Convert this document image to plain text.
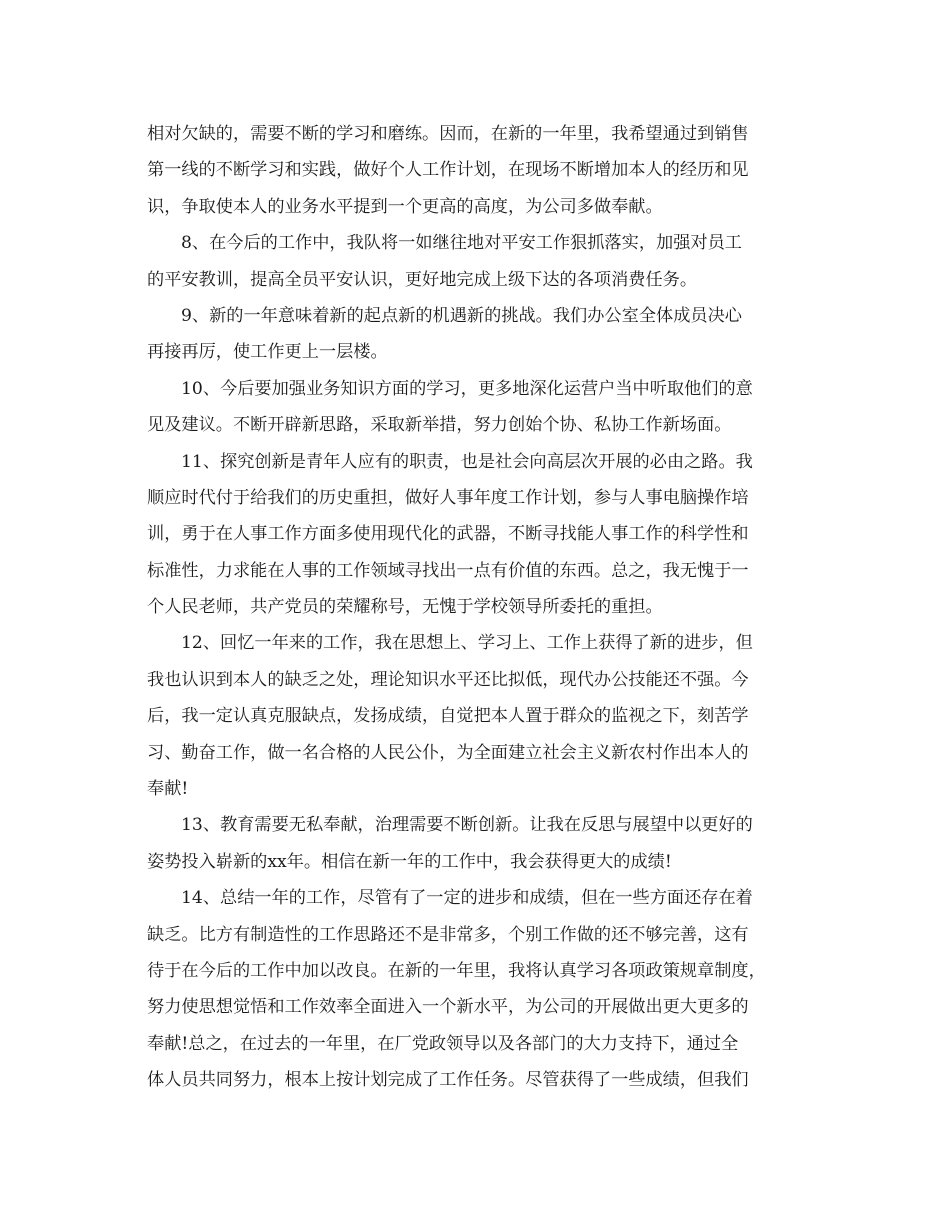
相对欠缺的，需要不断的学习和磨练。因而，在新的一年里，我希望通过到销售
第一线的不断学习和实践，做好个人工作计划，在现场不断增加本人的经历和见
识，争取使本人的业务水平提到一个更高的高度，为公司多做奉献。
8、在今后的工作中，我队将一如继往地对平安工作狠抓落实，加强对员工
的平安教训，提高全员平安认识，更好地完成上级下达的各项消费任务。
9、新的一年意味着新的起点新的机遇新的挑战。我们办公室全体成员决心
再接再厉，使工作更上一层楼。
10、今后要加强业务知识方面的学习，更多地深化运营户当中听取他们的意
见及建议。不断开辟新思路，采取新举措，努力创始个协、私协工作新场面。
11、探究创新是青年人应有的职责，也是社会向高层次开展的必由之路。我
顺应时代付于给我们的历史重担，做好人事年度工作计划，参与人事电脑操作培
训，勇于在人事工作方面多使用现代化的武器，不断寻找能人事工作的科学性和
标准性，力求能在人事的工作领域寻找出一点有价值的东西。总之，我无愧于一
个人民老师，共产党员的荣耀称号，无愧于学校领导所委托的重担。
12、回忆一年来的工作，我在思想上、学习上、工作上获得了新的进步，但
我也认识到本人的缺乏之处，理论知识水平还比拟低，现代办公技能还不强。今
后，我一定认真克服缺点，发扬成绩，自觉把本人置于群众的监视之下，刻苦学
习、勤奋工作，做一名合格的人民公仆，为全面建立社会主义新农村作出本人的
奉献!
13、教育需要无私奉献，治理需要不断创新。让我在反思与展望中以更好的
姿势投入崭新的xx年。相信在新一年的工作中，我会获得更大的成绩!
14、总结一年的工作，尽管有了一定的进步和成绩，但在一些方面还存在着
缺乏。比方有制造性的工作思路还不是非常多，个别工作做的还不够完善，这有
待于在今后的工作中加以改良。在新的一年里，我将认真学习各项政策规章制度，
努力使思想觉悟和工作效率全面进入一个新水平，为公司的开展做出更大更多的
奉献!总之，在过去的一年里，在厂党政领导以及各部门的大力支持下，通过全
体人员共同努力，根本上按计划完成了工作任务。尽管获得了一些成绩，但我们
